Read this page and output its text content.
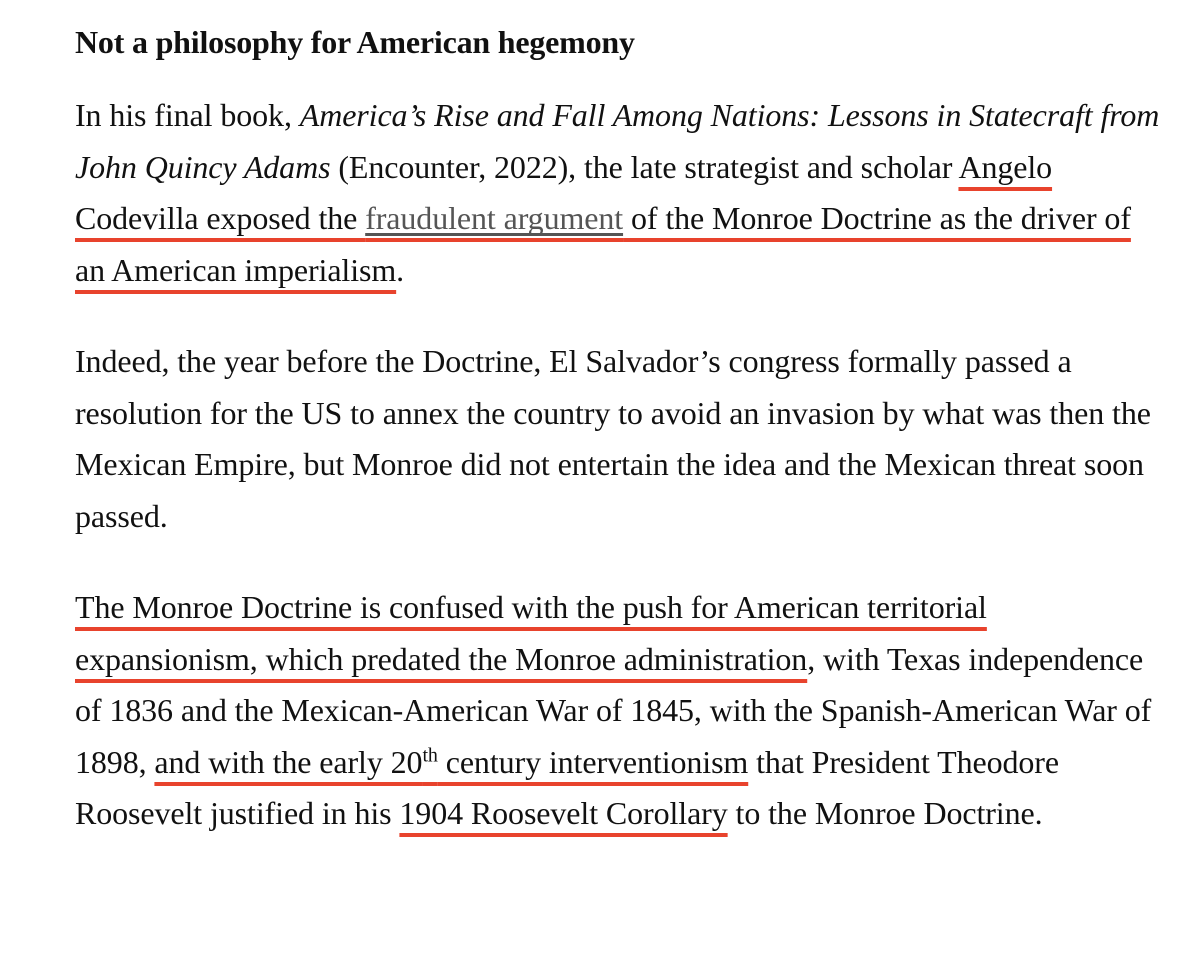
Not a philosophy for American hegemony

In his final book, America’s Rise and Fall Among Nations: Lessons in Statecraft from John Quincy Adams (Encounter, 2022), the late strategist and scholar Angelo Codevilla exposed the fraudulent argument of the Monroe Doctrine as the driver of an American imperialism.

Indeed, the year before the Doctrine, El Salvador’s congress formally passed a resolution for the US to annex the country to avoid an invasion by what was then the Mexican Empire, but Monroe did not entertain the idea and the Mexican threat soon passed.

The Monroe Doctrine is confused with the push for American territorial expansionism, which predated the Monroe administration, with Texas independence of 1836 and the Mexican-American War of 1845, with the Spanish-American War of 1898, and with the early 20th century interventionism that President Theodore Roosevelt justified in his 1904 Roosevelt Corollary to the Monroe Doctrine.
